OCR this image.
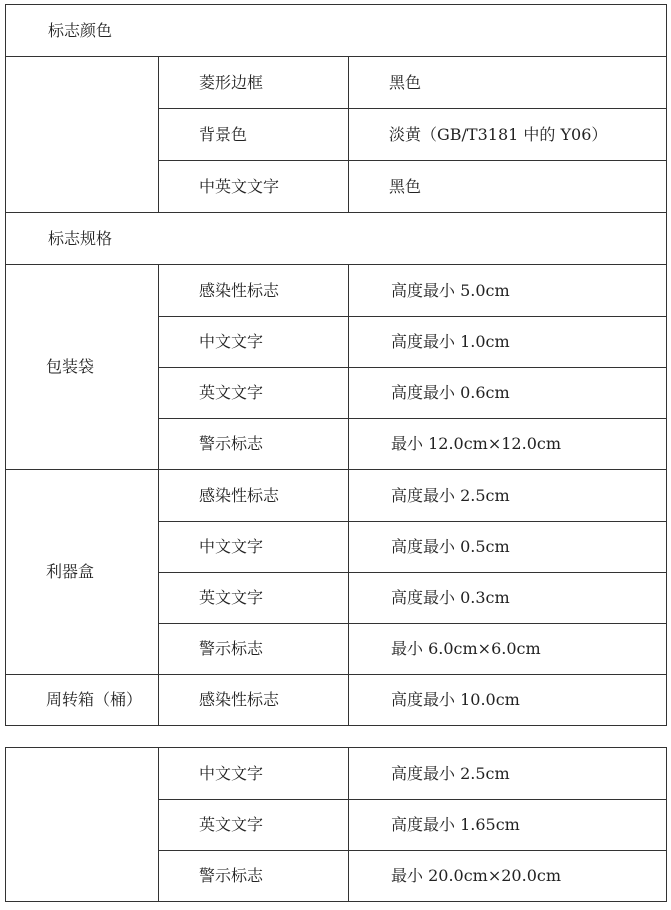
标志颜色		
	菱形边框	黑色
	背景色	淡黄（GB/T3181 中的 Y06）
	中英文文字	黑色
标志规格		
包装袋	感染性标志	高度最小 5.0cm
	中文文字	高度最小 1.0cm
	英文文字	高度最小 0.6cm
	警示标志	最小 12.0cm×12.0cm
利器盒	感染性标志	高度最小 2.5cm
	中文文字	高度最小 0.5cm
	英文文字	高度最小 0.3cm
	警示标志	最小 6.0cm×6.0cm
周转箱（桶）	感染性标志	高度最小 10.0cm
	中文文字	高度最小 2.5cm
	英文文字	高度最小 1.65cm
	警示标志	最小 20.0cm×20.0cm
